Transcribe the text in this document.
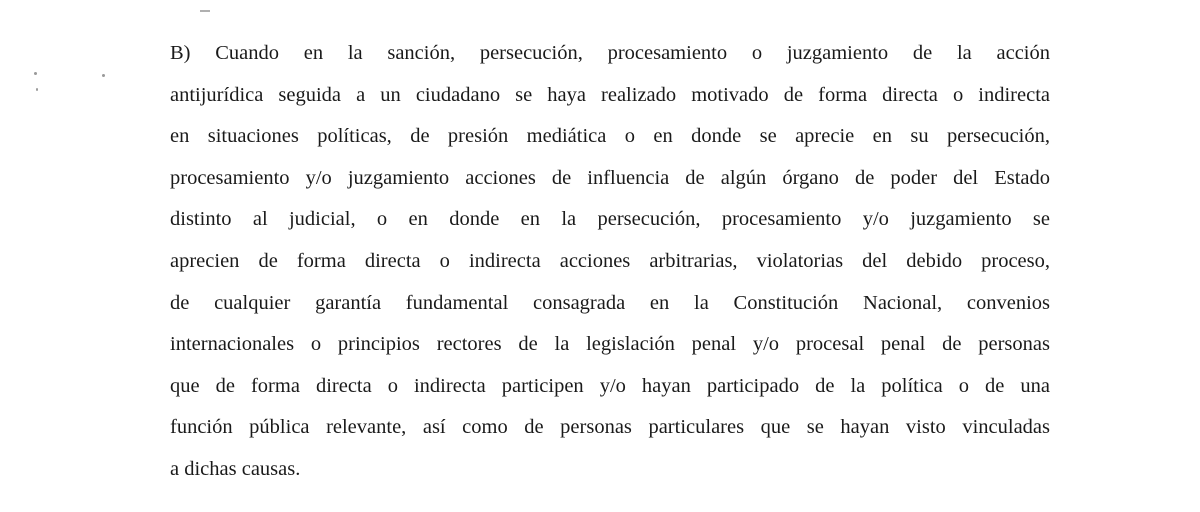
B) Cuando en la sanción, persecución, procesamiento o juzgamiento de la acción
antijurídica seguida a un ciudadano se haya realizado motivado de forma directa o indirecta
en situaciones políticas, de presión mediática o en donde se aprecie en su persecución,
procesamiento y/o juzgamiento acciones de influencia de algún órgano de poder del Estado
distinto al judicial, o en donde en la persecución, procesamiento y/o juzgamiento se
aprecien de forma directa o indirecta acciones arbitrarias, violatorias del debido proceso,
de cualquier garantía fundamental consagrada en la Constitución Nacional, convenios
internacionales o principios rectores de la legislación penal y/o procesal penal de personas
que de forma directa o indirecta participen y/o hayan participado de la política o de una
función pública relevante, así como de personas particulares que se hayan visto vinculadas
a dichas causas.
